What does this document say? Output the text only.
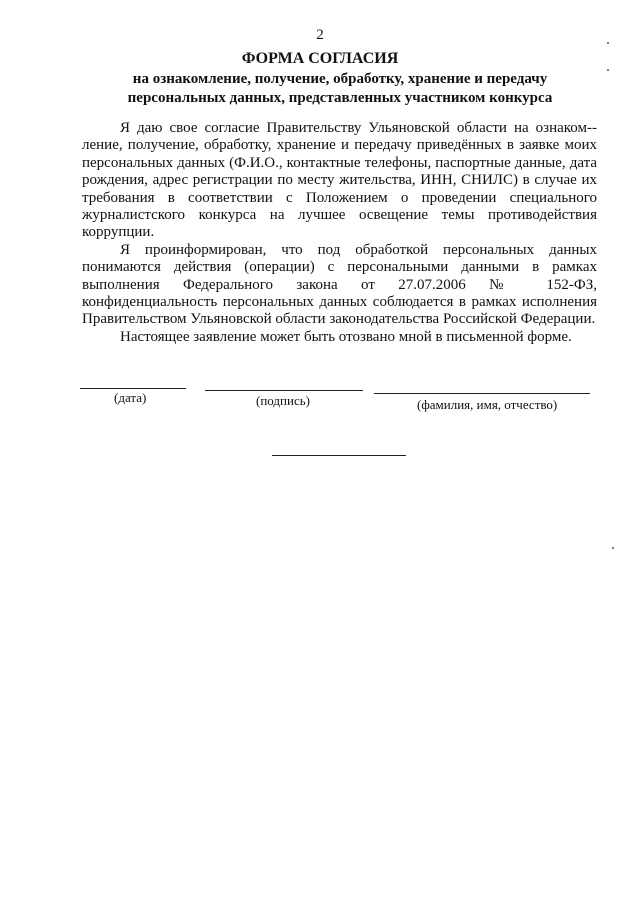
2
ФОРМА СОГЛАСИЯ
на ознакомление, получение, обработку, хранение и передачу
персональных данных, представленных участником конкурса

Я даю свое согласие Правительству Ульяновской области на ознаком-ление, получение, обработку, хранение и передачу приведённых в заявке моих персональных данных (Ф.И.О., контактные телефоны, паспортные данные, дата рождения, адрес регистрации по месту жительства, ИНН, СНИЛС) в случае их требования в соответствии с Положением о проведении специального журналистского конкурса на лучшее освещение темы противодействия коррупции.

Я проинформирован, что под обработкой персональных данных понимаются действия (операции) с персональными данными в рамках выполнения Федерального закона от 27.07.2006 № 152-ФЗ, конфиденциальность персональных данных соблюдается в рамках исполнения Правительством Ульяновской области законодательства Российской Федерации.

Настоящее заявление может быть отозвано мной в письменной форме.

(дата)	(подпись)	(фамилия, имя, отчество)
